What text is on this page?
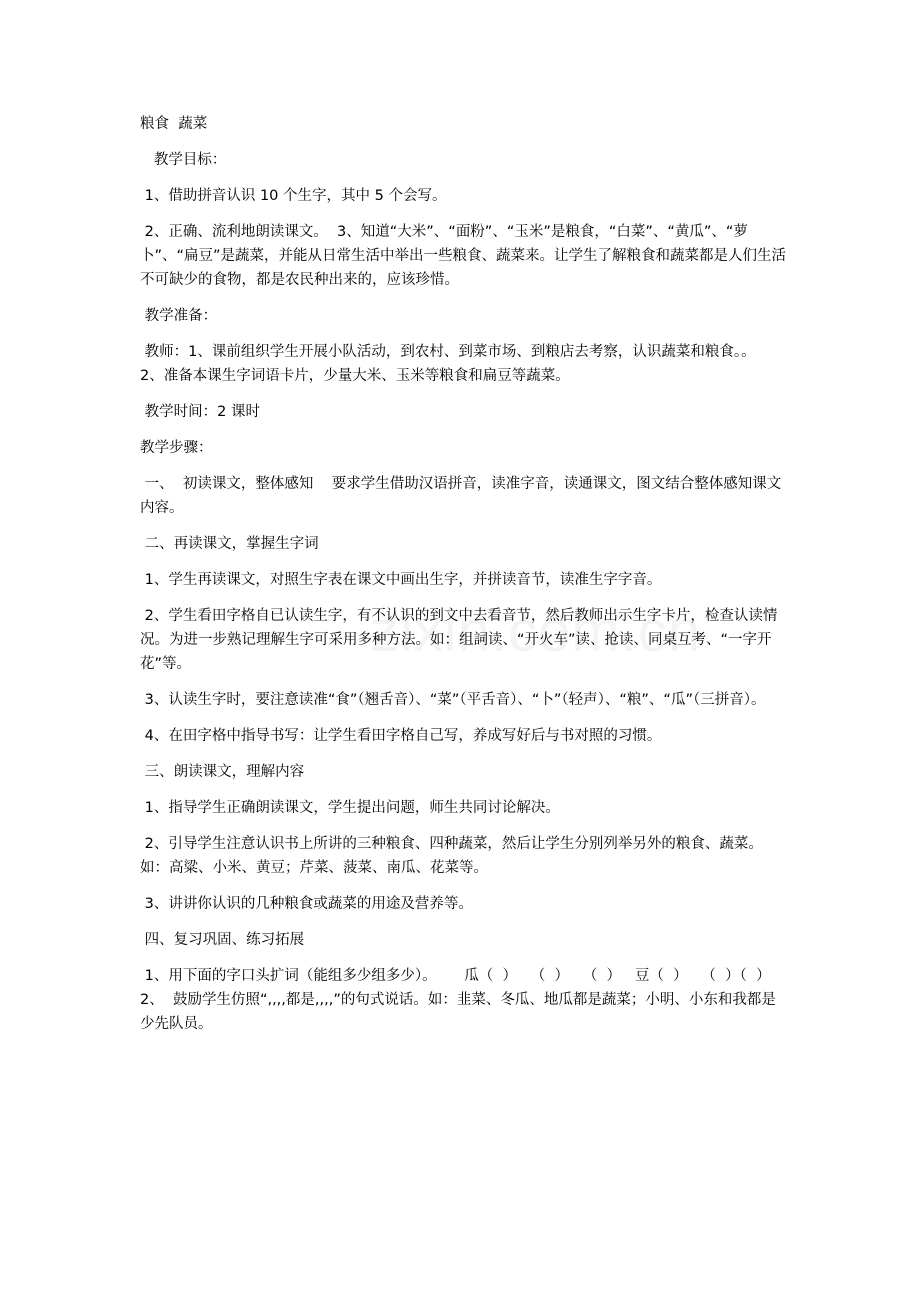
粮食  蔬菜

教学目标：

1、借助拼音认识 10 个生字，其中 5 个会写。

2、正确、流利地朗读课文。  3、知道“大米”、“面粉”、“玉米”是粮食，“白菜”、“黄瓜”、“萝卜”、“扁豆”是蔬菜，并能从日常生活中举出一些粮食、蔬菜来。让学生了解粮食和蔬菜都是人们生活不可缺少的食物，都是农民种出来的，应该珍惜。

教学准备：

教师：1、课前组织学生开展小队活动，到农村、到菜市场、到粮店去考察，认识蔬菜和粮食。。   2、准备本课生字词语卡片，少量大米、玉米等粮食和扁豆等蔬菜。

教学时间：2 课时

教学步骤：

一、  初读课文，整体感知    要求学生借助汉语拼音，读准字音，读通课文，图文结合整体感知课文内容。

二、再读课文，掌握生字词

1、学生再读课文，对照生字表在课文中画出生字，并拼读音节，读准生字字音。

2、学生看田字格自已认读生字，有不认识的到文中去看音节，然后教师出示生字卡片，检查认读情况。为进一步熟记理解生字可采用多种方法。如：组詞读、“开火车”读、抢读、同桌互考、“一字开花”等。

3、认读生字时，要注意读准“食”（翘舌音）、“菜”（平舌音）、“卜”（轻声）、“粮”、“瓜”（三拼音）。

4、在田字格中指导书写：让学生看田字格自己写，养成写好后与书对照的习惯。

三、朗读课文，理解内容

1、指导学生正确朗读课文，学生提出问题，师生共同讨论解决。

2、引导学生注意认识书上所讲的三种粮食、四种蔬菜，然后让学生分别列举另外的粮食、蔬菜。如：高粱、小米、黄豆；芹菜、菠菜、南瓜、花菜等。

3、讲讲你认识的几种粮食或蔬菜的用途及营养等。

四、复习巩固、练习拓展

1、用下面的字口头扩词（能组多少组多少）。      瓜（  ）   （  ）   （  ）   豆（  ）   （  ）（  ）   2、  鼓励学生仿照“,,,,都是,,,,”的句式说话。如：韭菜、冬瓜、地瓜都是蔬菜；小明、小东和我都是少先队员。
